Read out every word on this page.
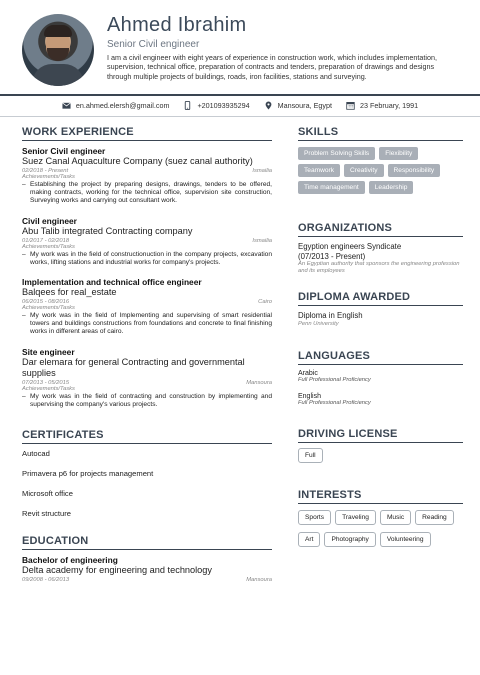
Ahmed Ibrahim
Senior Civil engineer
I am a civil engineer with eight years of experience in construction work, which includes implementation, supervision, technical office, preparation of contracts and tenders, preparation of drawings and designs through multiple projects of buildings, roads, iron facilities, stations and surveying.
en.ahmed.elersh@gmail.com	+201093935294	Mansoura, Egypt	23 February, 1991
WORK EXPERIENCE
Senior Civil engineer
Suez Canal Aquaculture Company (suez canal authority)
02/2018 - Present	Ismailia
Achievements/Tasks
– Establishing the project by preparing designs, drawings, tenders to be offered, making contracts, working for the technical office, supervision site construction, Surveying works and carrying out consultant work.
Civil engineer
Abu Talib integrated Contracting company
01/2017 - 02/2018	Ismailia
Achievements/Tasks
– My work was in the field of constructionuction in the company projects, excavation works, lifting stations and industrial works for company's projects.
Implementation and technical office engineer
Balqees for real_estate
06/2015 - 08/2016	Cairo
Achievements/Tasks
– My work was in the field of Implementing and supervising of smart residential towers and buildings constructions from foundations and concrete to final finishing works in different areas of cairo.
Site engineer
Dar elemara for general Contracting and governmental supplies
07/2013 - 05/2015	Mansoura
Achievements/Tasks
– My work was in the field of contracting and construction by implementing and supervising the company's various projects.
CERTIFICATES
Autocad
Primavera p6 for projects management
Microsoft office
Revit structure
EDUCATION
Bachelor of engineering
Delta academy for engineering and technology
09/2008 - 06/2013	Mansoura
SKILLS
Problem Solving Skills	Flexibility
Teamwork	Creativity	Responsibility
Time management	Leadership
ORGANIZATIONS
Egyption engineers Syndicate
(07/2013 - Present)
An Egyptian authority that sponsors the engineering profession and its employees
DIPLOMA AWARDED
Diploma in English
Penn University
LANGUAGES
Arabic
Full Professional Proficiency
English
Full Professional Proficiency
DRIVING LICENSE
Full
INTERESTS
Sports	Traveling	Music	Reading
Art	Photography	Volunteering
